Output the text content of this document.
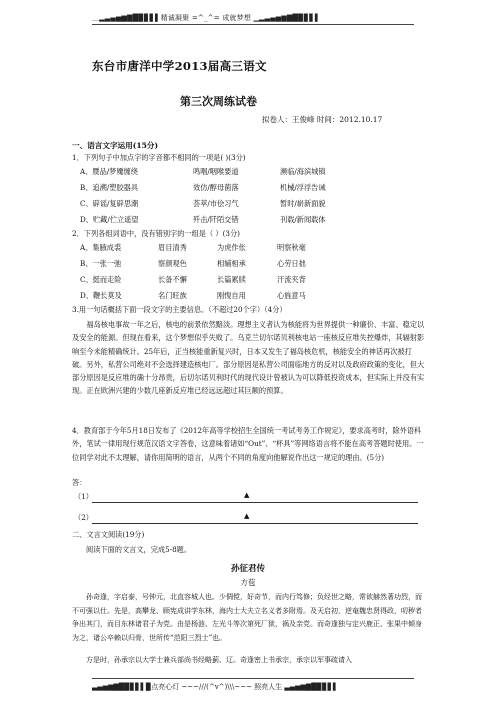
＿▂▃▄▅▆▇█▉▊▋▌精诚凝聚 =^_^= 成就梦想 ▁▂▃▄▅▆▇█▉▊▋▌
东台市唐洋中学2013届高三语文
第三次周练试卷
拟卷人：王俊峰 时间：2012.10.17
一、语言文字运用(15分)
1．下列句子中加点字的字音都不相同的一项是( )(3分)
A、赝品/梦魇缠绕	鸣咽/咽喉要道	濒临/海滨城镇
B、追溯/塑胶器具	效仿/醇母菌落	机械/浮浮告诫
C、辟谣/复辟思潮	荟萃/市侩习气	暂时/崭新面貌
D、贮藏/伫立遥望	歼击/阡陌交错	刊载/新闻载体
2．下列各组词语中，没有错别字的一组是（ ）(3分)
A、集腋成裘	眉目清秀	为虎作伥	明察秋毫
B、一张一弛	察颜观色	相辅相承	心劳日拙
C、挺而走险	长备不懈	长篇累牍	汗流夹背
D、鞭长莫及	名门旺族	刚愎自用	心旌意马
3.用一句话概括下面一段文字的主要信息。（不超过20个字）（4分）
福岛核电事故一年之后，核电的前景依然黯淡。理想主义者认为核能将为世界提供一种廉价、丰富、稳定以及安全的能源。但现在看来，这个梦想似乎失败了。乌克兰切尔诺贝利核电站一座核反应堆失控爆炸，其辐射影响至今未能精确统计。25年后，正当核能重新复兴时，日本又发生了福岛核危机，核能安全的神话再次被打破。另外，私营公司绝对不会选择建造核电厂。部分原因是私营公司面临地方的反对以及政府政策的变化，但大部分原因是反应堆的确十分昂贵，后切尔诺贝利时代的现代设计曾被认为可以降低投资成本，但实际上并没有实现。正在欧洲兴建的少数几座新反应堆已经远远超过其巨额的预算。
4．教育部于今年5月18日发布了《2012年高等学校招生全国统一考试考务工作规定》，要求高考时，除外语科外，笔试一律用现行规范汉语文字答卷，这意味着诸如“Out”、“杯具”等网络语言将不能在高考答题时使用。一位同学对此不太理解，请你用简明的语言，从两个不同的角度向他解说作出这一规定的理由。(5分)
答：
（1）	▲
（2）	▲
二、文言文阅读(19分)
阅读下面的文言文，完成5-8题。
孙征君传
方苞
孙奇逢，字启泰，号钟元，北直容城人也。少倜傥，好奇节，而内行笃修；负经世之略，常欲赫然著功烈，而不可强以仕。先是，高攀龙、顾宪成讲学东林，海内士大夫立名义者多附焉。及天启初，逆奄魏忠贤得政，叨秽者争出其门，而目东林诸君子为党。由是杨涟、左光斗等次第死厂狱，祸及亲党。而奇逢独与定兴鹿正、张果中倾身为之，诸公卒赖以归骨，世所传“范阳三烈士”也。
方是时，孙承宗以大学士兼兵部尚书经略蓟、辽。奇逢密上书承宗，承宗以军事疏请入
▃▄▅▆▇█▉▊▋▌▉点亮心灯 ~~~///(^v^)\\\~~~ 照亮人生 ▃▄▅▆▇█▉▊▋▌
